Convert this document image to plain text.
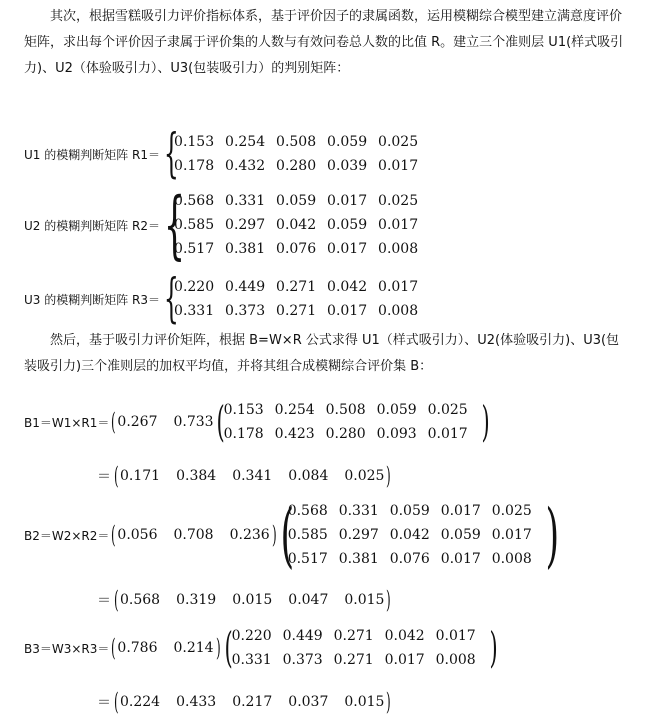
其次，根据雪糕吸引力评价指标体系，基于评价因子的隶属函数，运用模糊综合模型建立满意度评价矩阵，求出每个评价因子隶属于评价集的人数与有效问卷总人数的比值 R。建立三个准则层 U1(样式吸引力)、U2（体验吸引力）、U3(包装吸引力）的判别矩阵：

U1 的模糊判断矩阵 R1＝ {
0.153 0.254 0.508 0.059 0.025
0.178 0.432 0.280 0.039 0.017
U2 的模糊判断矩阵 R2＝ {
0.568 0.331 0.059 0.017 0.025
0.585 0.297 0.042 0.059 0.017
0.517 0.381 0.076 0.017 0.008
U3 的模糊判断矩阵 R3＝ {
0.220 0.449 0.271 0.042 0.017
0.331 0.373 0.271 0.017 0.008

然后，基于吸引力评价矩阵，根据 B=W×R 公式求得 U1（样式吸引力）、U2(体验吸引力)、U3(包装吸引力)三个准则层的加权平均值，并将其组合成模糊综合评价集 B：

B1＝W1×R1＝ ( 0.267 0.733 ( 0.153 0.254 0.508 0.059 0.025
0.178 0.423 0.280 0.093 0.017 )
＝ ( 0.171 0.384 0.341 0.084 0.025 )
B2＝W2×R2＝ ( 0.056 0.708 0.236 ) (
0.568 0.331 0.059 0.017 0.025
0.585 0.297 0.042 0.059 0.017
0.517 0.381 0.076 0.017 0.008 )
＝ ( 0.568 0.319 0.015 0.047 0.015 )
B3＝W3×R3＝ ( 0.786 0.214 ) ( 0.220 0.449 0.271 0.042 0.017
0.331 0.373 0.271 0.017 0.008 )
＝ ( 0.224 0.433 0.217 0.037 0.015 )
